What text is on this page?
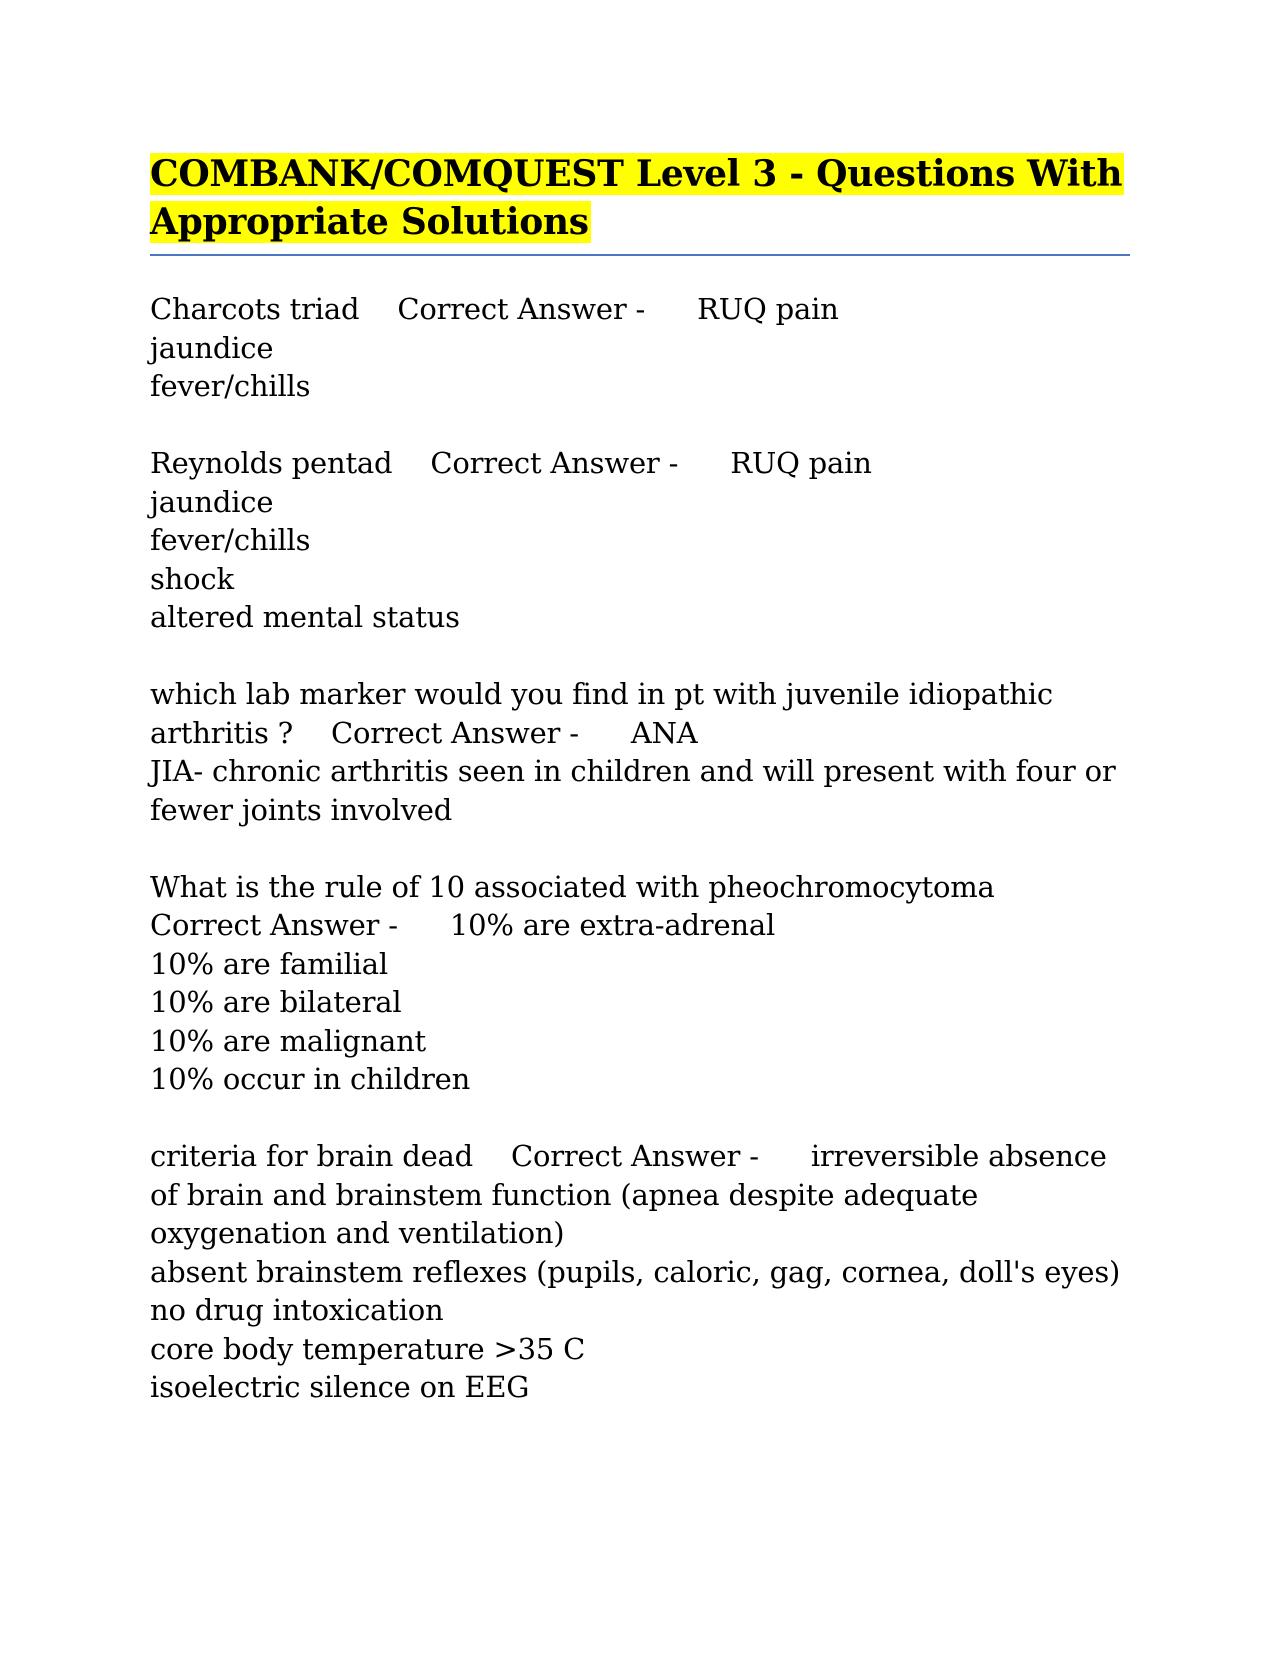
COMBANK/COMQUEST Level 3 - Questions With
Appropriate Solutions
Charcots triad Correct Answer - RUQ pain
jaundice
fever/chills
Reynolds pentad Correct Answer - RUQ pain
jaundice
fever/chills
shock
altered mental status
which lab marker would you find in pt with juvenile idiopathic arthritis ? Correct Answer - ANA
JIA- chronic arthritis seen in children and will present with four or fewer joints involved
What is the rule of 10 associated with pheochromocytomaCorrect Answer - 10% are extra-adrenal
10% are familial
10% are bilateral
10% are malignant
10% occur in children
criteria for brain dead Correct Answer - irreversible absence of brain and brainstem function (apnea despite adequate oxygenation and ventilation)
absent brainstem reflexes (pupils, caloric, gag, cornea, doll's eyes)
no drug intoxication
core body temperature >35 C
isoelectric silence on EEG
